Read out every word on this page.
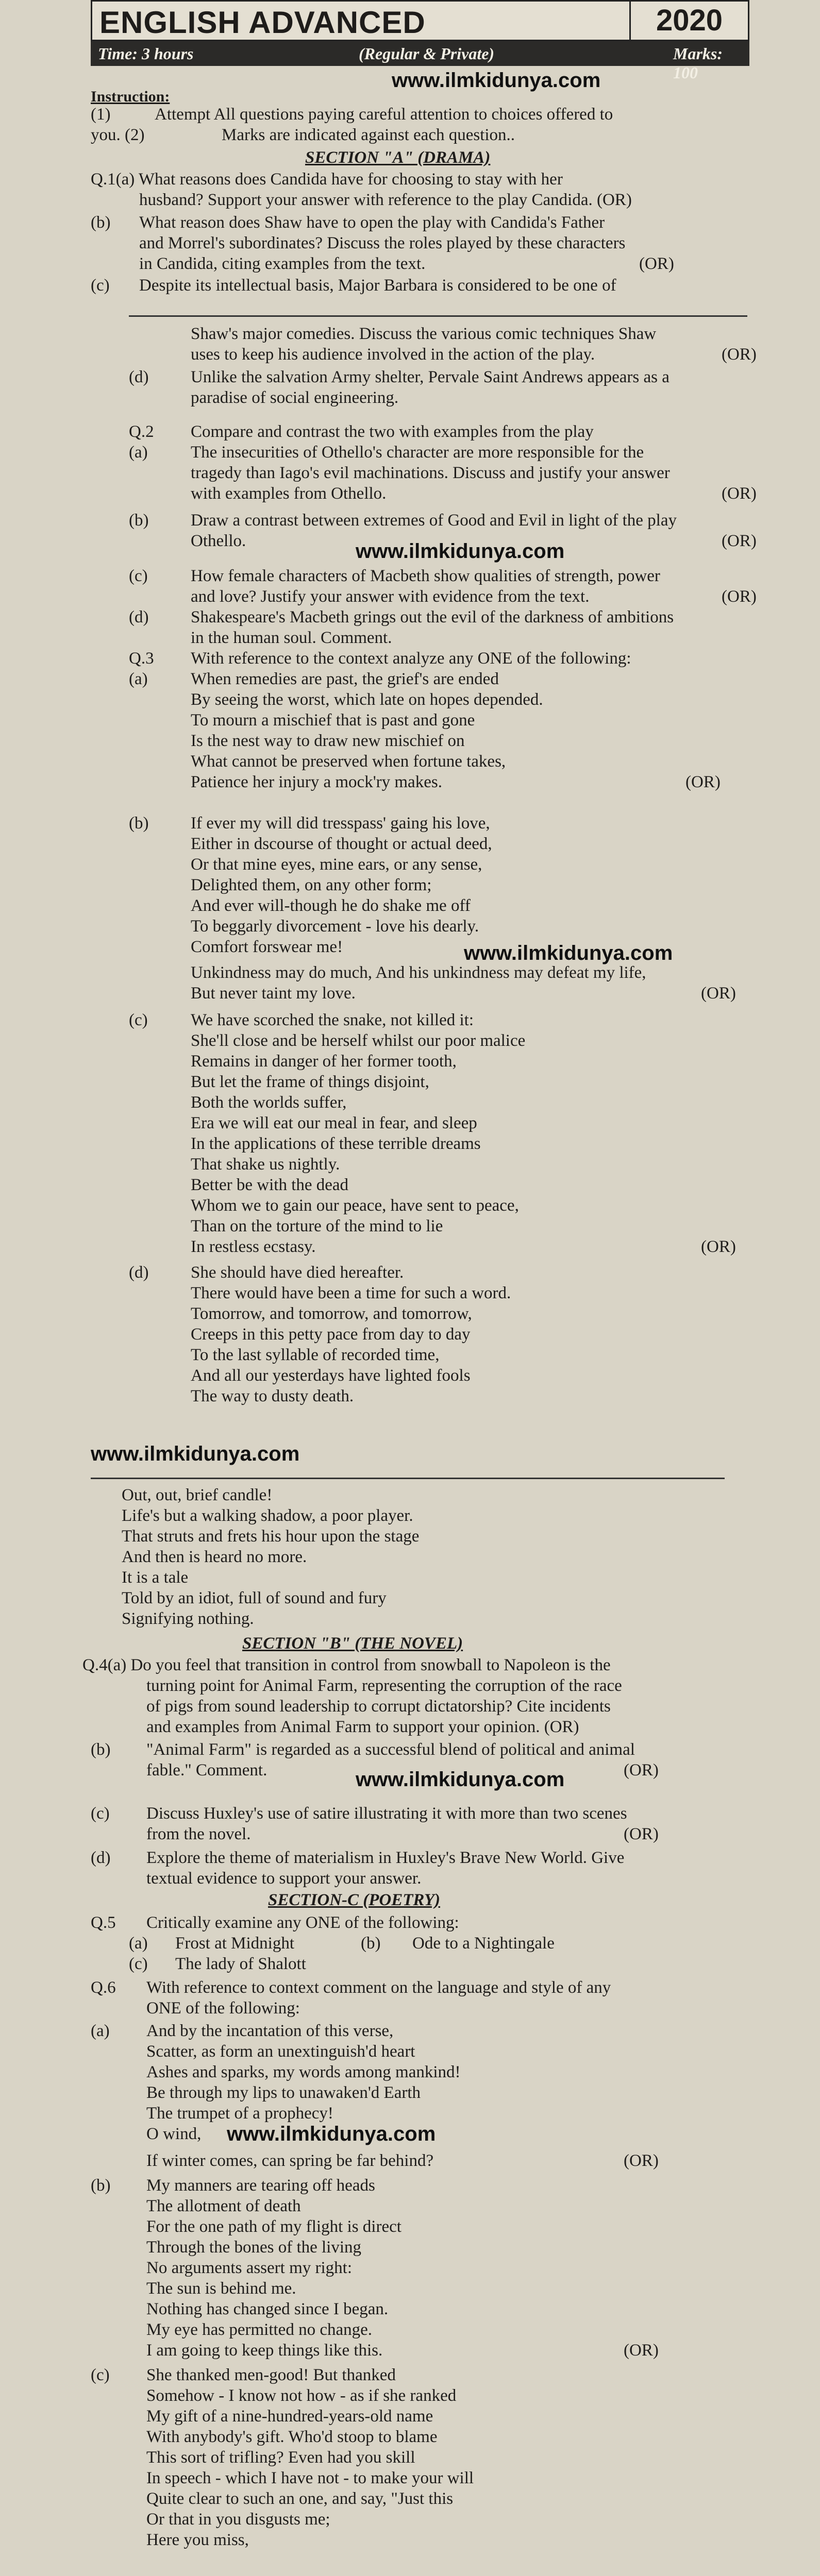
ENGLISH ADVANCED	2020
Time: 3 hours	(Regular & Private)	Marks: 100
www.ilmkidunya.com
Instruction:
(1)	Attempt All questions paying careful attention to choices offered to
you. (2)	Marks are indicated against each question..
SECTION "A" (DRAMA)
Q.1(a) What reasons does Candida have for choosing to stay with her
husband? Support your answer with reference to the play Candida. (OR)
(b) What reason does Shaw have to open the play with Candida's Father
and Morrel's subordinates? Discuss the roles played by these characters
in Candida, citing examples from the text.	(OR)
(c) Despite its intellectual basis, Major Barbara is considered to be one of
Shaw's major comedies. Discuss the various comic techniques Shaw
uses to keep his audience involved in the action of the play.	(OR)
(d) Unlike the salvation Army shelter, Pervale Saint Andrews appears as a
paradise of social engineering.
Q.2 Compare and contrast the two with examples from the play
(a)	The insecurities of Othello's character are more responsible for the
tragedy than Iago's evil machinations. Discuss and justify your answer
with examples from Othello.	(OR)
(b) Draw a contrast between extremes of Good and Evil in light of the play
Othello.	(OR)
www.ilmkidunya.com
(c)	How female characters of Macbeth show qualities of strength, power
and love? Justify your answer with evidence from the text.	(OR)
(d) Shakespeare's Macbeth grings out the evil of the darkness of ambitions
in the human soul. Comment.
Q.3 With reference to the context analyze any ONE of the following:
(a)	When remedies are past, the grief's are ended
By seeing the worst, which late on hopes depended.
To mourn a mischief that is past and gone
Is the nest way to draw new mischief on
What cannot be preserved when fortune takes,
Patience her injury a mock'ry makes.	(OR)
(b) If ever my will did tresspass' gaing his love,
Either in dscourse of thought or actual deed,
Or that mine eyes, mine ears, or any sense,
Delighted them, on any other form;
And ever will-though he do shake me off
To beggarly divorcement - love his dearly.
Comfort forswear me!	www.ilmkidunya.com
Unkindness may do much, And his unkindness may defeat my life,
But never taint my love.	(OR)
(c)	We have scorched the snake, not killed it:
She'll close and be herself whilst our poor malice
Remains in danger of her former tooth,
But let the frame of things disjoint,
Both the worlds suffer,
Era we will eat our meal in fear, and sleep
In the applications of these terrible dreams
That shake us nightly.
Better be with the dead
Whom we to gain our peace, have sent to peace,
Than on the torture of the mind to lie
In restless ecstasy.	(OR)
(d) She should have died hereafter.
There would have been a time for such a word.
Tomorrow, and tomorrow, and tomorrow,
Creeps in this petty pace from day to day
To the last syllable of recorded time,
And all our yesterdays have lighted fools
The way to dusty death.
www.ilmkidunya.com
Out, out, brief candle!
Life's but a walking shadow, a poor player.
That struts and frets his hour upon the stage
And then is heard no more.
It is a tale
Told by an idiot, full of sound and fury
Signifying nothing.
SECTION "B" (THE NOVEL)
Q.4(a) Do you feel that transition in control from snowball to Napoleon is the
turning point for Animal Farm, representing the corruption of the race
of pigs from sound leadership to corrupt dictatorship? Cite incidents
and examples from Animal Farm to support your opinion. (OR)
(b) "Animal Farm" is regarded as a successful blend of political and animal
fable." Comment.	(OR)
www.ilmkidunya.com
(c) Discuss Huxley's use of satire illustrating it with more than two scenes
from the novel.	(OR)
(d) Explore the theme of materialism in Huxley's Brave New World. Give
textual evidence to support your answer.
SECTION-C (POETRY)
Q.5 Critically examine any ONE of the following:
(a) Frost at Midnight	(b) Ode to a Nightingale
(c) The lady of Shalott
Q.6 With reference to context comment on the language and style of any
ONE of the following:
(a) And by the incantation of this verse,
Scatter, as form an unextinguish'd heart
Ashes and sparks, my words among mankind!
Be through my lips to unawaken'd Earth
The trumpet of a prophecy!
O wind, www.ilmkidunya.com
If winter comes, can spring be far behind?	(OR)
(b) My manners are tearing off heads
The allotment of death
For the one path of my flight is direct
Through the bones of the living
No arguments assert my right:
The sun is behind me.
Nothing has changed since I began.
My eye has permitted no change.
I am going to keep things like this.	(OR)
(c) She thanked men-good! But thanked
Somehow - I know not how - as if she ranked
My gift of a nine-hundred-years-old name
With anybody's gift. Who'd stoop to blame
This sort of trifling? Even had you skill
In speech - which I have not - to make your will
Quite clear to such an one, and say, "Just this
Or that in you disgusts me;
Here you miss,
